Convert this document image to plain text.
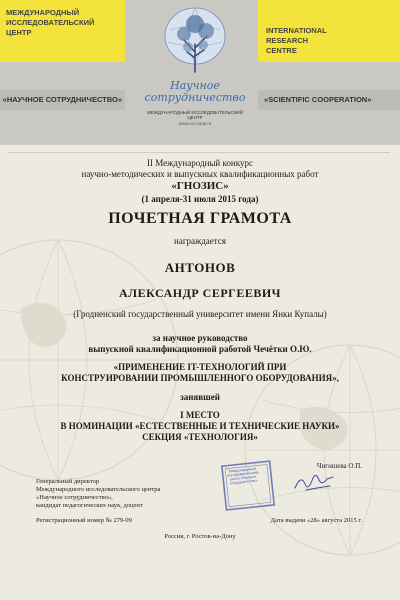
МЕЖДУНАРОДНЫЙ
ИССЛЕДОВАТЕЛЬСКИЙ
ЦЕНТР	INTERNATIONAL
RESEARCH
CENTRE
«НАУЧНОЕ СОТРУДНИЧЕСТВО»	«SCIENTIFIC COOPERATION»
Научное
сотрудничество
МЕЖДУНАРОДНЫЙ ИССЛЕДОВАТЕЛЬСКИЙ ЦЕНТР
www.sci-coop.ru
II Международный конкурс
научно-методических и выпускных квалификационных работ
«ГНОЗИС»
(1 апреля-31 июля 2015 года)
ПОЧЕТНАЯ ГРАМОТА
награждается
АНТОНОВ
АЛЕКСАНДР СЕРГЕЕВИЧ
(Гродненский государственный университет имени Янки Купалы)
за научное руководство
выпускной квалификационной работой Чечётки О.Ю.
«ПРИМЕНЕНИЕ IT-ТЕХНОЛОГИЙ ПРИ
КОНСТРУИРОВАНИИ ПРОМЫШЛЕННОГО ОБОРУДОВАНИЯ»,
занявшей
I МЕСТО
В НОМИНАЦИИ «ЕСТЕСТВЕННЫЕ И ТЕХНИЧЕСКИЕ НАУКИ»
СЕКЦИЯ «ТЕХНОЛОГИЯ»
Генеральный директор
Международного исследовательского центра
«Научное сотрудничество»,
кандидат педагогических наук, доцент
Чигишева О.П.
Международный исследовательский центр «Научное сотрудничество»
Регистрационный номер № 279-09	Дата выдачи «28» августа 2015 г.
Россия, г. Ростов-на-Дону
